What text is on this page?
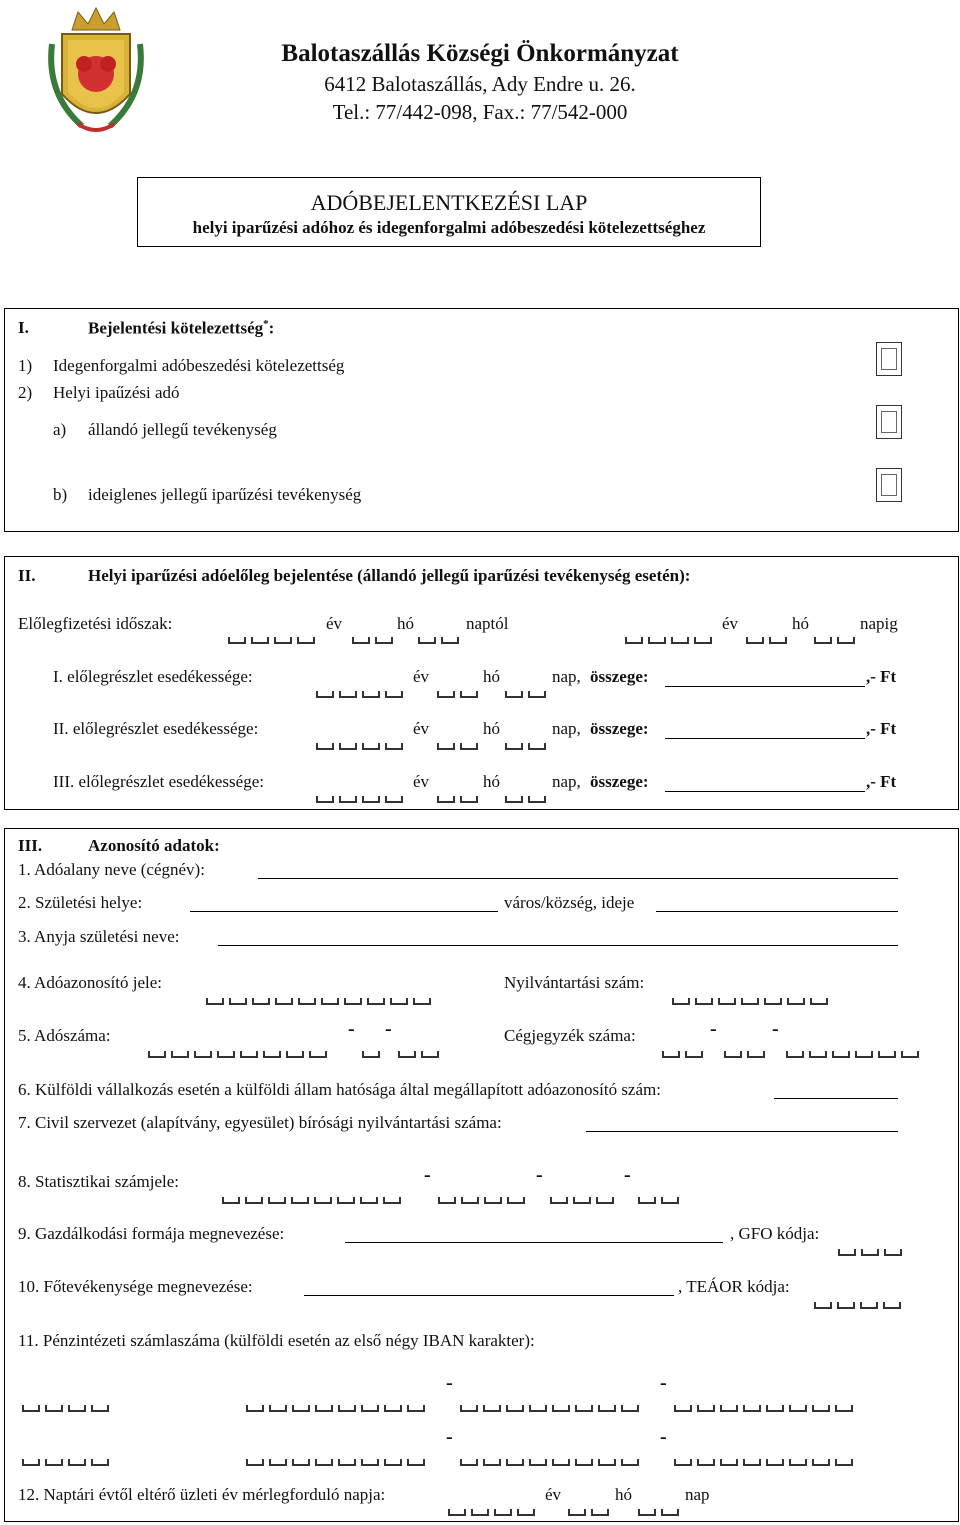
Balotaszállás Községi Önkormányzat
6412 Balotaszállás, Ady Endre u. 26.
Tel.: 77/442-098, Fax.: 77/542-000
ADÓBEJELENTKEZÉSI LAP
helyi iparűzési adóhoz és idegenforgalmi adóbeszedési kötelezettséghez
I.	Bejelentési kötelezettség*:
1) Idegenforgalmi adóbeszedési kötelezettség
2) Helyi ipaűzési adó
a) állandó jellegű tevékenység
b) ideiglenes jellegű iparűzési tevékenység
II.	Helyi iparűzési adóelőleg bejelentése (állandó jellegű iparűzési tevékenység esetén):
Előlegfizetési időszak:	év	hó	naptól	év	hó	napig
I. előlegrészlet esedékessége:	év	hó	nap, összege:	,- Ft
II. előlegrészlet esedékessége:	év	hó	nap, összege:	,- Ft
III. előlegrészlet esedékessége:	év	hó	nap, összege:	,- Ft
III.	Azonosító adatok:
1. Adóalany neve (cégnév):
2. Születési helye:	város/község, ideje
3. Anyja születési neve:
4. Adóazonosító jele:	Nyilvántartási szám:
5. Adószáma:	- -	Cégjegyzék száma:	-	-
6. Külföldi vállalkozás esetén a külföldi állam hatósága által megállapított adóazonosító szám:
7. Civil szervezet (alapítvány, egyesület) bírósági nyilvántartási száma:
8. Statisztikai számjele:	-	-	-
9. Gazdálkodási formája megnevezése:	, GFO kódja:
10. Főtevékenysége megnevezése:	, TEÁOR kódja:
11. Pénzintézeti számlaszáma (külföldi esetén az első négy IBAN karakter):
-	-
-	-
12. Naptári évtől eltérő üzleti év mérlegforduló napja:	év	hó	nap
